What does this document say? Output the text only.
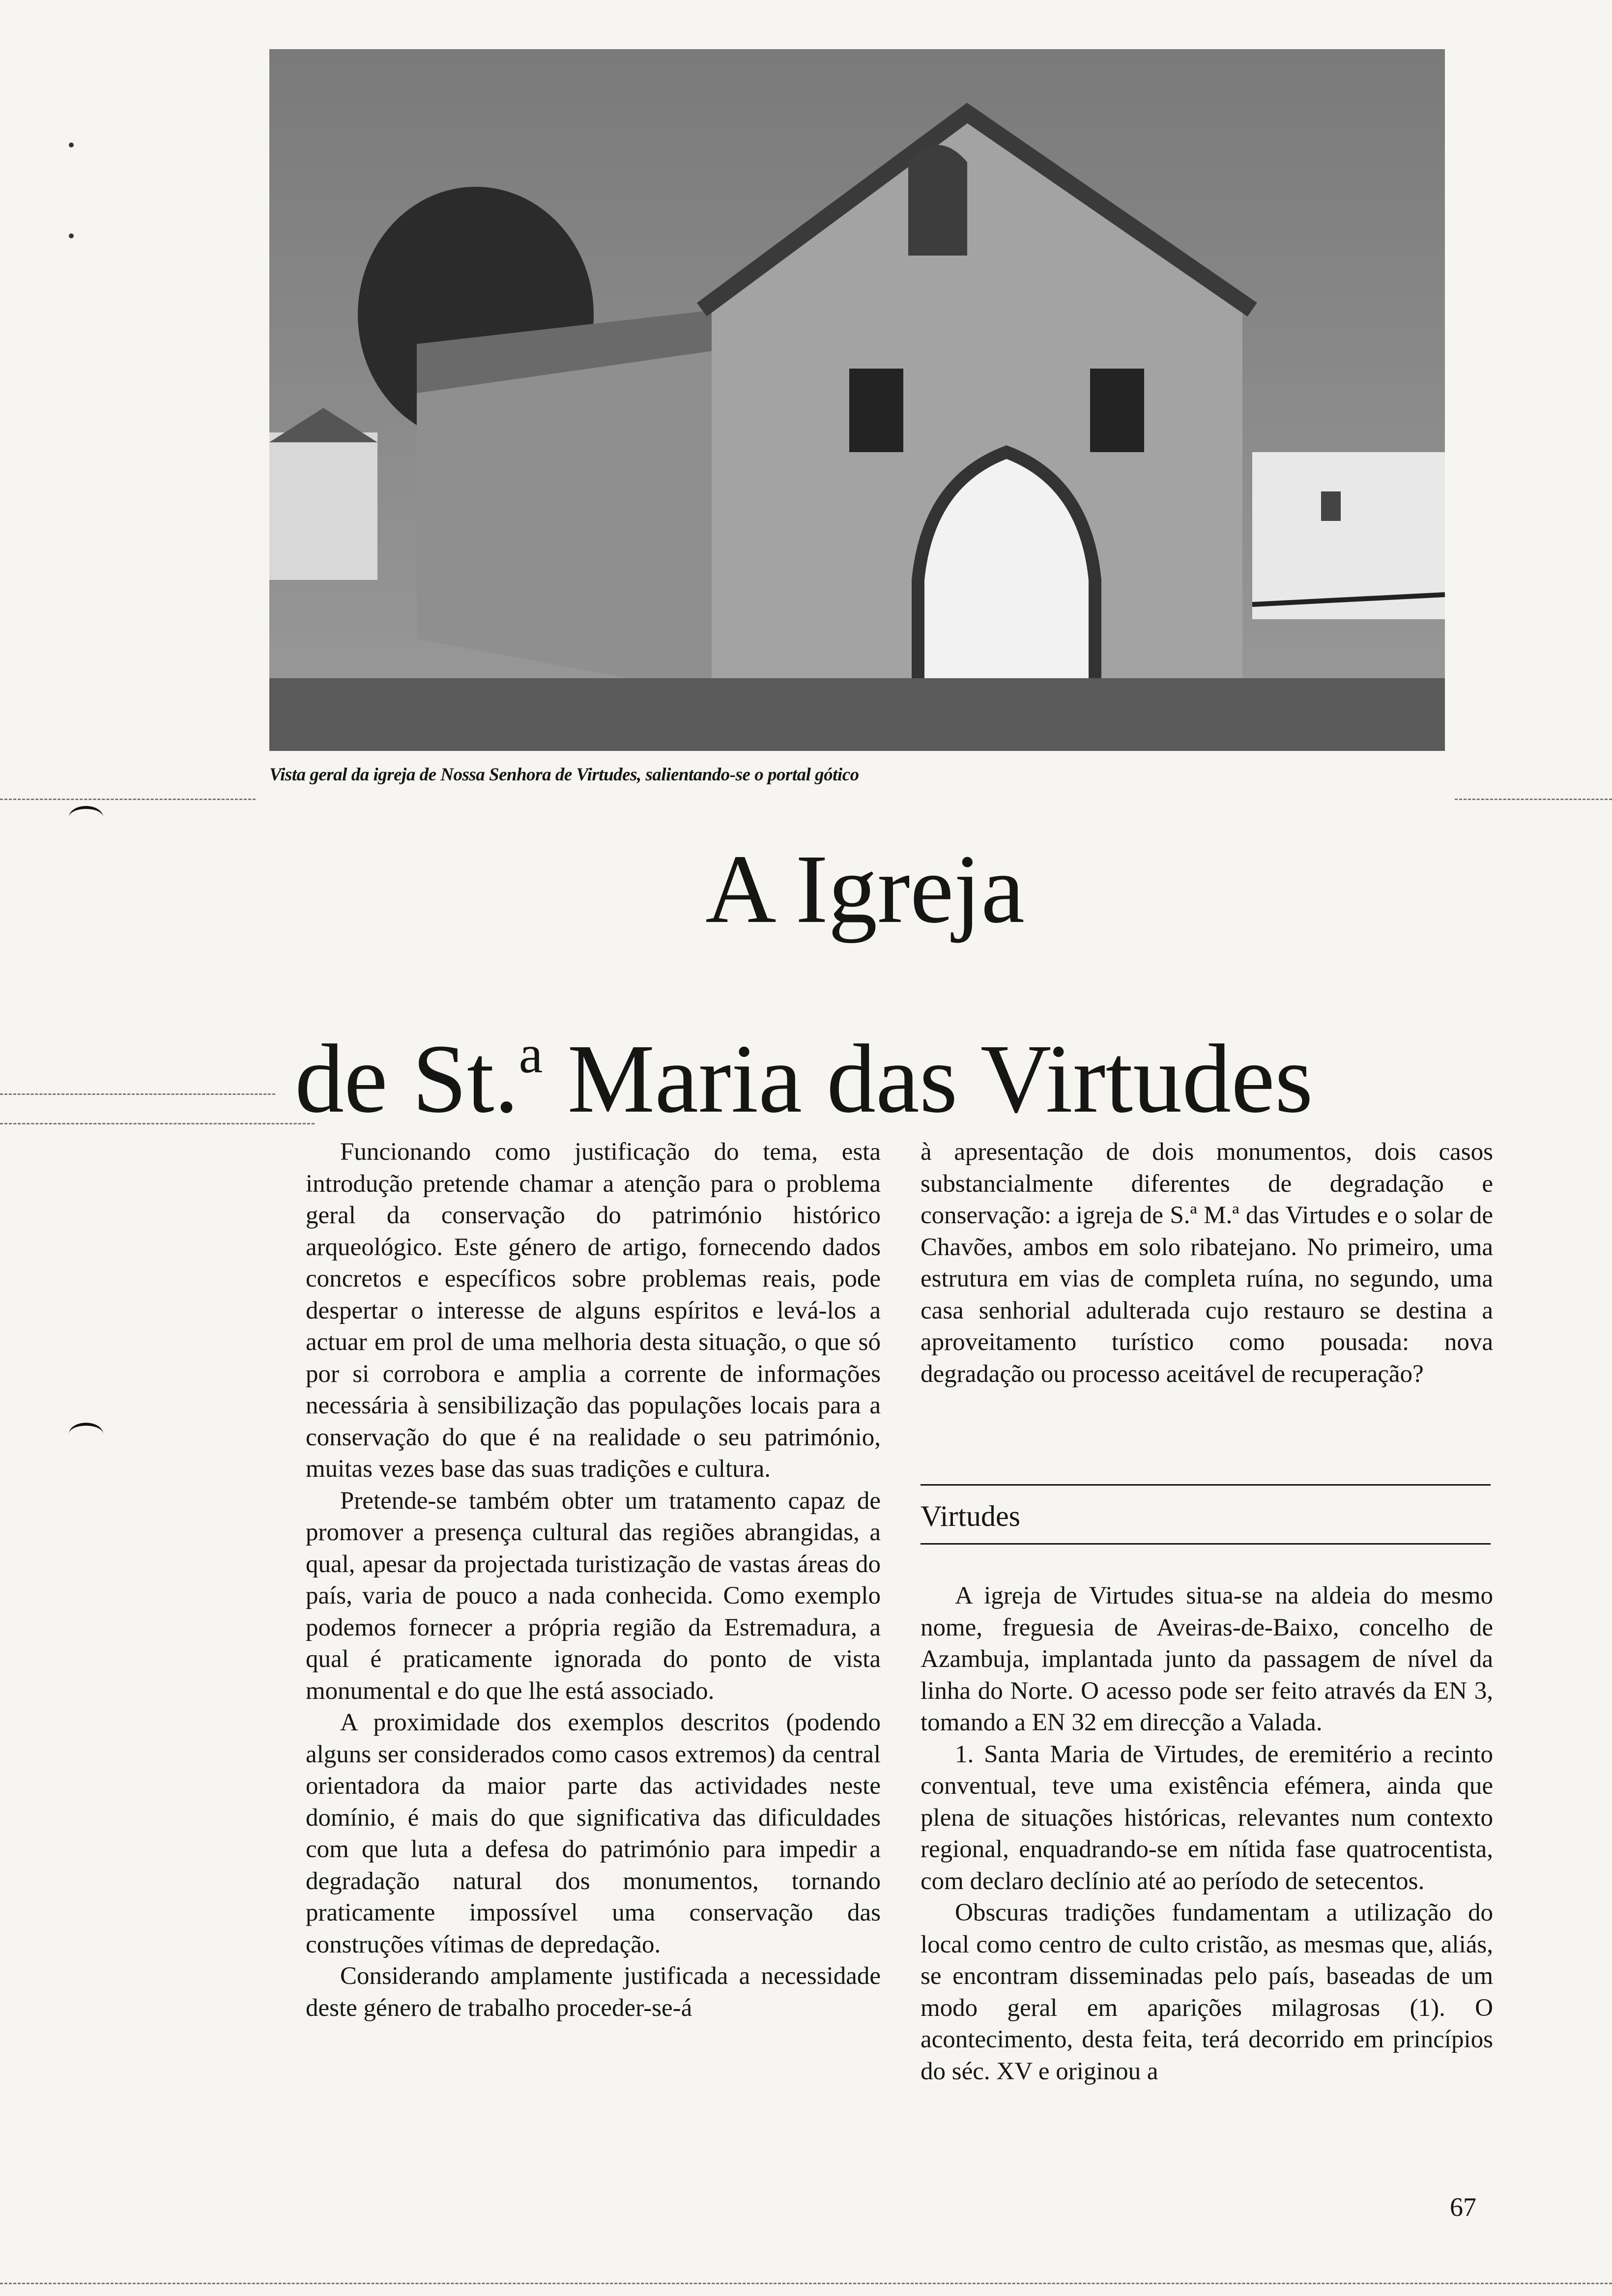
Vista geral da igreja de Nossa Senhora de Virtudes, salientando-se o portal gótico
A Igreja
de St.$^a$ Maria das Virtudes

Funcionando como justificação do tema, esta introdução pretende chamar a atenção para o problema geral da conservação do património histórico arqueológico. Este género de artigo, fornecendo dados concretos e específicos sobre problemas reais, pode despertar o interesse de alguns espíritos e levá-los a actuar em prol de uma melhoria desta situação, o que só por si corrobora e amplia a corrente de informações necessária à sensibilização das populações locais para a conservação do que é na realidade o seu património, muitas vezes base das suas tradições e cultura.

Pretende-se também obter um tratamento capaz de promover a presença cultural das regiões abrangidas, a qual, apesar da projectada turistização de vastas áreas do país, varia de pouco a nada conhecida. Como exemplo podemos fornecer a própria região da Estremadura, a qual é praticamente ignorada do ponto de vista monumental e do que lhe está associado.

A proximidade dos exemplos descritos (podendo alguns ser considerados como casos extremos) da central orientadora da maior parte das actividades neste domínio, é mais do que significativa das dificuldades com que luta a defesa do património para impedir a degradação natural dos monumentos, tornando praticamente impossível uma conservação das construções vítimas de depredação.

Considerando amplamente justificada a necessidade deste género de trabalho proceder-se-á

à apresentação de dois monumentos, dois casos substancialmente diferentes de degradação e conservação: a igreja de S.ª M.ª das Virtudes e o solar de Chavões, ambos em solo ribatejano. No primeiro, uma estrutura em vias de completa ruína, no segundo, uma casa senhorial adulterada cujo restauro se destina a aproveitamento turístico como pousada: nova degradação ou processo aceitável de recuperação?

Virtudes

A igreja de Virtudes situa-se na aldeia do mesmo nome, freguesia de Aveiras-de-Baixo, concelho de Azambuja, implantada junto da passagem de nível da linha do Norte. O acesso pode ser feito através da EN 3, tomando a EN 32 em direcção a Valada.

1. Santa Maria de Virtudes, de eremitério a recinto conventual, teve uma existência efémera, ainda que plena de situações históricas, relevantes num contexto regional, enquadrando-se em nítida fase quatrocentista, com declaro declínio até ao período de setecentos.

Obscuras tradições fundamentam a utilização do local como centro de culto cristão, as mesmas que, aliás, se encontram disseminadas pelo país, baseadas de um modo geral em aparições milagrosas (1). O acontecimento, desta feita, terá decorrido em princípios do séc. XV e originou a

67
